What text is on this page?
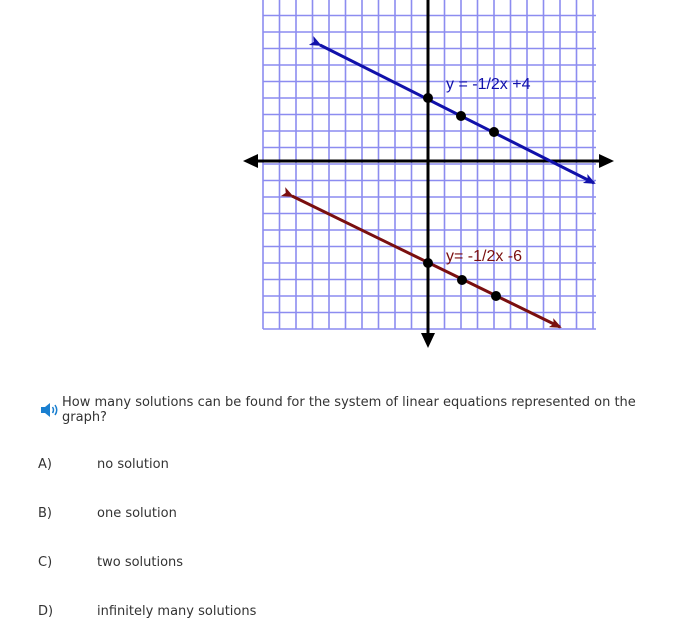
y = -1/2x +4
y= -1/2x -6
How many solutions can be found for the system of linear equations represented on the graph?
A)	no solution
B)	one solution
C)	two solutions
D)	infinitely many solutions
